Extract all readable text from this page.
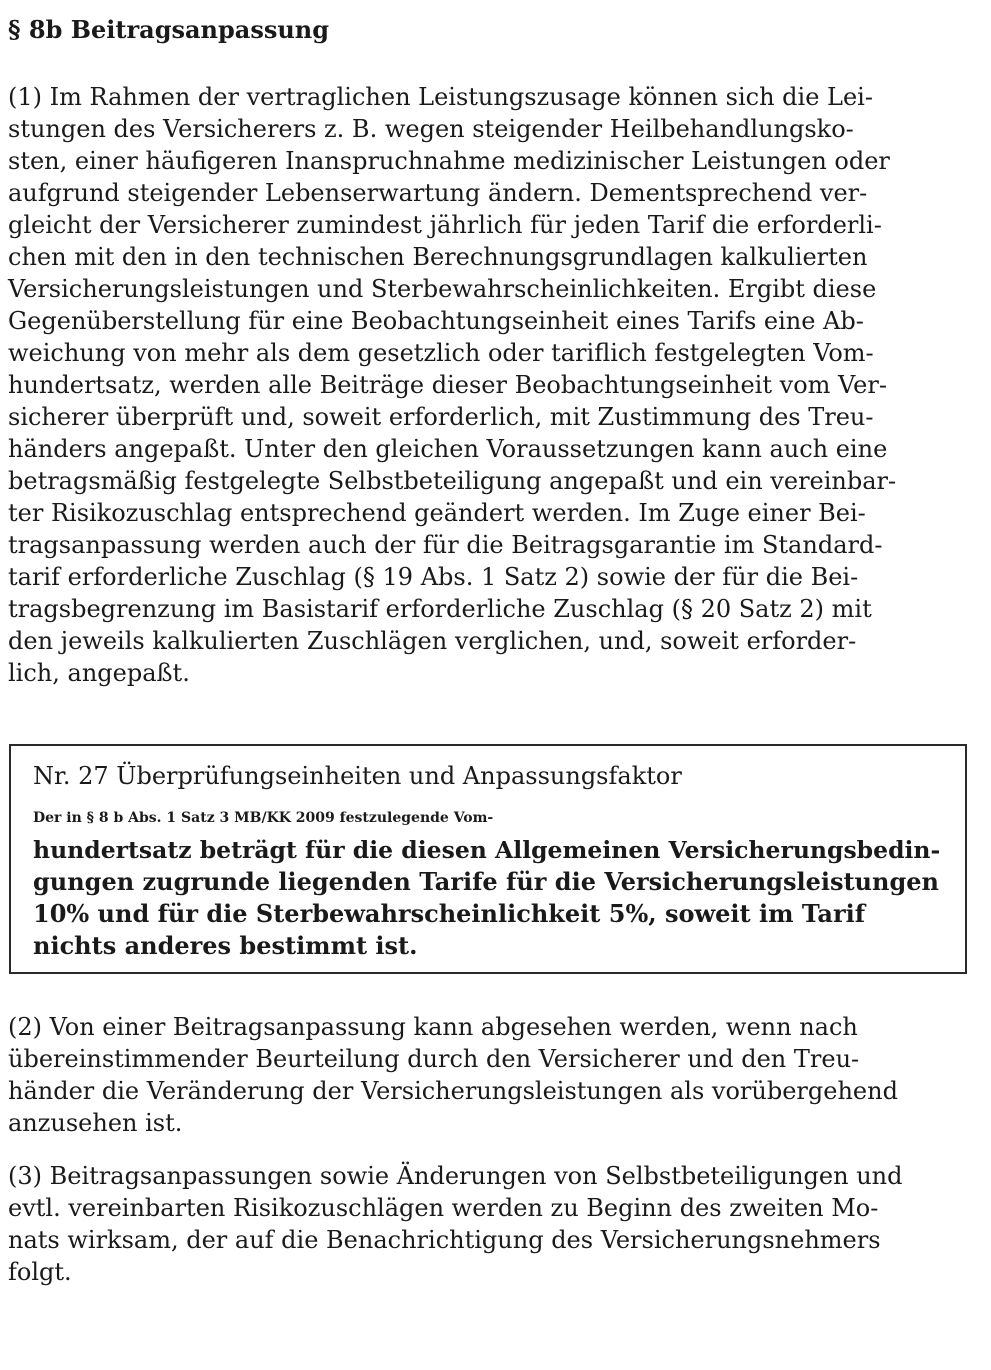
§ 8b Beitragsanpassung
(1) Im Rahmen der vertraglichen Leistungszusage können sich die Lei-
stungen des Versicherers z. B. wegen steigender Heilbehandlungsko-
sten, einer häufigeren Inanspruchnahme medizinischer Leistungen oder
aufgrund steigender Lebenserwartung ändern. Dementsprechend ver-
gleicht der Versicherer zumindest jährlich für jeden Tarif die erforderli-
chen mit den in den technischen Berechnungsgrundlagen kalkulierten
Versicherungsleistungen und Sterbewahrscheinlichkeiten. Ergibt diese
Gegenüberstellung für eine Beobachtungseinheit eines Tarifs eine Ab-
weichung von mehr als dem gesetzlich oder tariflich festgelegten Vom-
hundertsatz, werden alle Beiträge dieser Beobachtungseinheit vom Ver-
sicherer überprüft und, soweit erforderlich, mit Zustimmung des Treu-
händers angepaßt. Unter den gleichen Voraussetzungen kann auch eine
betragsmäßig festgelegte Selbstbeteiligung angepaßt und ein vereinbar-
ter Risikozuschlag entsprechend geändert werden. Im Zuge einer Bei-
tragsanpassung werden auch der für die Beitragsgarantie im Standard-
tarif erforderliche Zuschlag (§ 19 Abs. 1 Satz 2) sowie der für die Bei-
tragsbegrenzung im Basistarif erforderliche Zuschlag (§ 20 Satz 2) mit
den jeweils kalkulierten Zuschlägen verglichen, und, soweit erforder-
lich, angepaßt.

Nr. 27 Überprüfungseinheiten und Anpassungsfaktor

Der in § 8 b Abs. 1 Satz 3 MB/KK 2009 festzulegende Vom-
hundertsatz beträgt für die diesen Allgemeinen Versicherungsbedin-
gungen zugrunde liegenden Tarife für die Versicherungsleistungen
10% und für die Sterbewahrscheinlichkeit 5%, soweit im Tarif
nichts anderes bestimmt ist.
(2) Von einer Beitragsanpassung kann abgesehen werden, wenn nach
übereinstimmender Beurteilung durch den Versicherer und den Treu-
händer die Veränderung der Versicherungsleistungen als vorübergehend
anzusehen ist.
(3) Beitragsanpassungen sowie Änderungen von Selbstbeteiligungen und
evtl. vereinbarten Risikozuschlägen werden zu Beginn des zweiten Mo-
nats wirksam, der auf die Benachrichtigung des Versicherungsnehmers
folgt.
